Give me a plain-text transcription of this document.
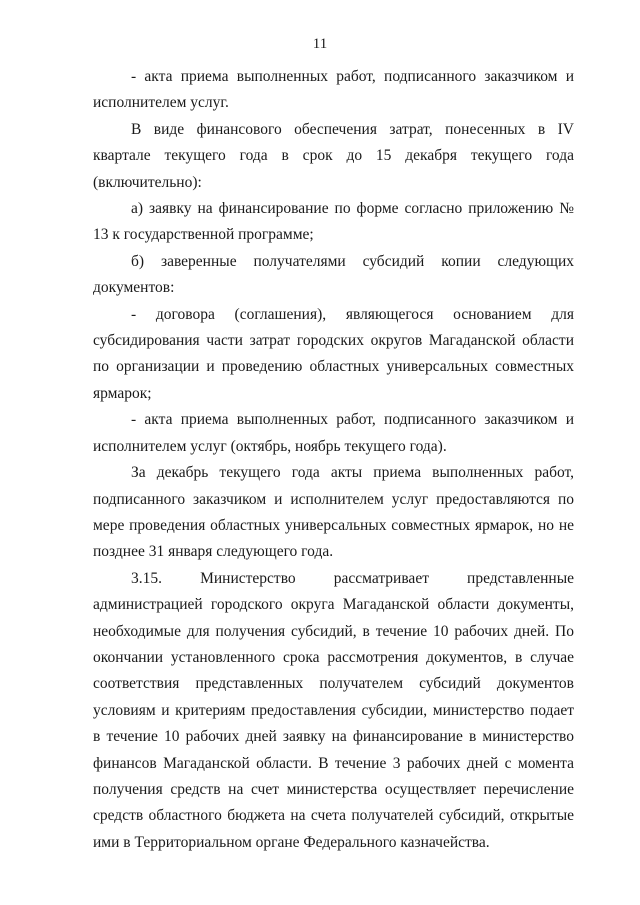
11

- акта приема выполненных работ, подписанного заказчиком и исполнителем услуг.

В виде финансового обеспечения затрат, понесенных в IV квартале текущего года в срок до 15 декабря текущего года (включительно):

а) заявку на финансирование по форме согласно приложению № 13 к государственной программе;

б) заверенные получателями субсидий копии следующих документов:

- договора (соглашения), являющегося основанием для субсидирования части затрат городских округов Магаданской области по организации и проведению областных универсальных совместных ярмарок;

- акта приема выполненных работ, подписанного заказчиком и исполнителем услуг (октябрь, ноябрь текущего года).

За декабрь текущего года акты приема выполненных работ, подписанного заказчиком и исполнителем услуг предоставляются по мере проведения областных универсальных совместных ярмарок, но не позднее 31 января следующего года.

3.15. Министерство рассматривает представленные администрацией городского округа Магаданской области документы, необходимые для получения субсидий, в течение 10 рабочих дней. По окончании установленного срока рассмотрения документов, в случае соответствия представленных получателем субсидий документов условиям и критериям предоставления субсидии, министерство подает в течение 10 рабочих дней заявку на финансирование в министерство финансов Магаданской области. В течение 3 рабочих дней с момента получения средств на счет министерства осуществляет перечисление средств областного бюджета на счета получателей субсидий, открытые ими в Территориальном органе Федерального казначейства.
